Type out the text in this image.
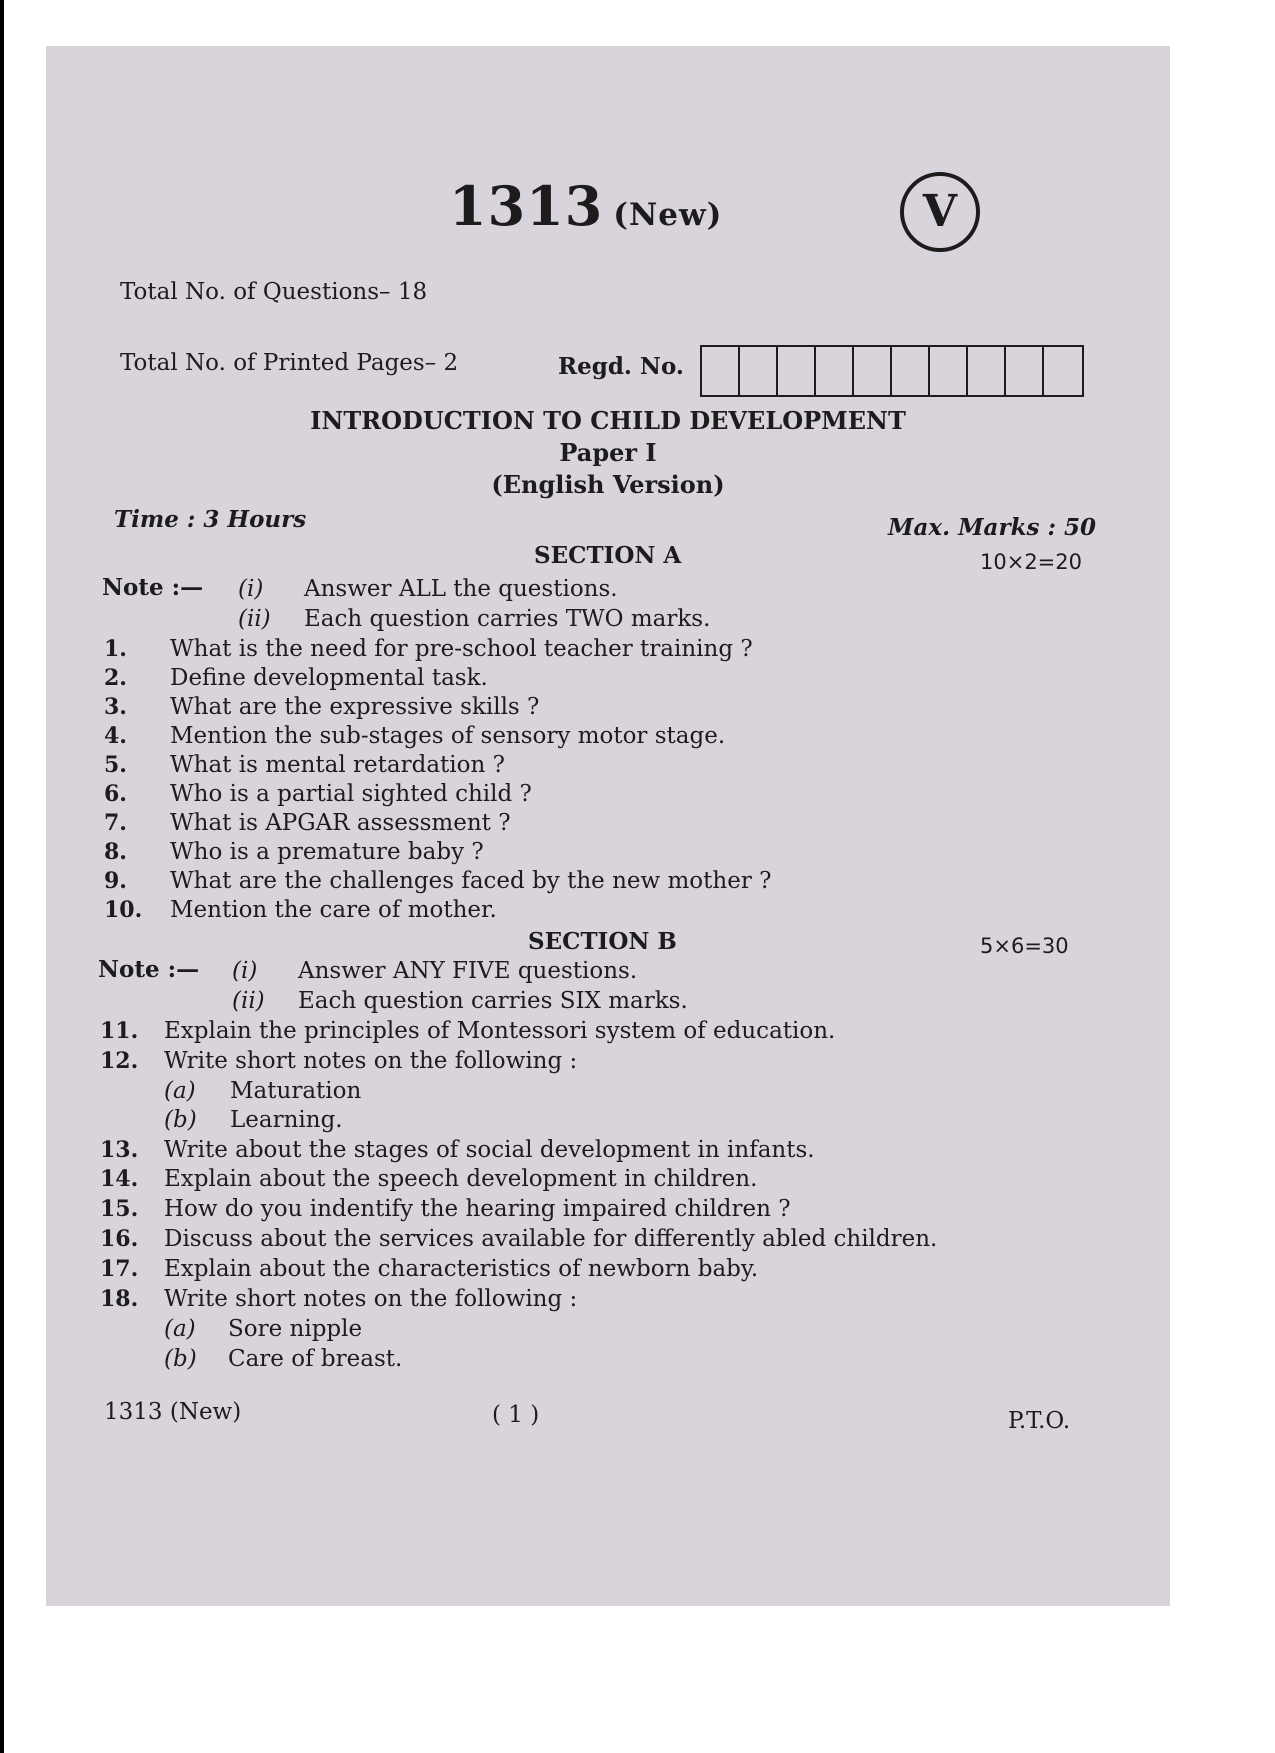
1313 (New)	V
Total No. of Questions– 18
Total No. of Printed Pages– 2	Regd. No.
INTRODUCTION TO CHILD DEVELOPMENT
Paper I
(English Version)
Time : 3 Hours	Max. Marks : 50
SECTION A	10×2=20
Note :— (i) Answer ALL the questions.
(ii) Each question carries TWO marks.
1. What is the need for pre-school teacher training ?
2. Define developmental task.
3. What are the expressive skills ?
4. Mention the sub-stages of sensory motor stage.
5. What is mental retardation ?
6. Who is a partial sighted child ?
7. What is APGAR assessment ?
8. Who is a premature baby ?
9. What are the challenges faced by the new mother ?
10. Mention the care of mother.
SECTION B	5×6=30
Note :— (i) Answer ANY FIVE questions.
(ii) Each question carries SIX marks.
11. Explain the principles of Montessori system of education.
12. Write short notes on the following :
(a) Maturation
(b) Learning.
13. Write about the stages of social development in infants.
14. Explain about the speech development in children.
15. How do you indentify the hearing impaired children ?
16. Discuss about the services available for differently abled children.
17. Explain about the characteristics of newborn baby.
18. Write short notes on the following :
(a) Sore nipple
(b) Care of breast.
1313 (New)	( 1 )	P.T.O.
